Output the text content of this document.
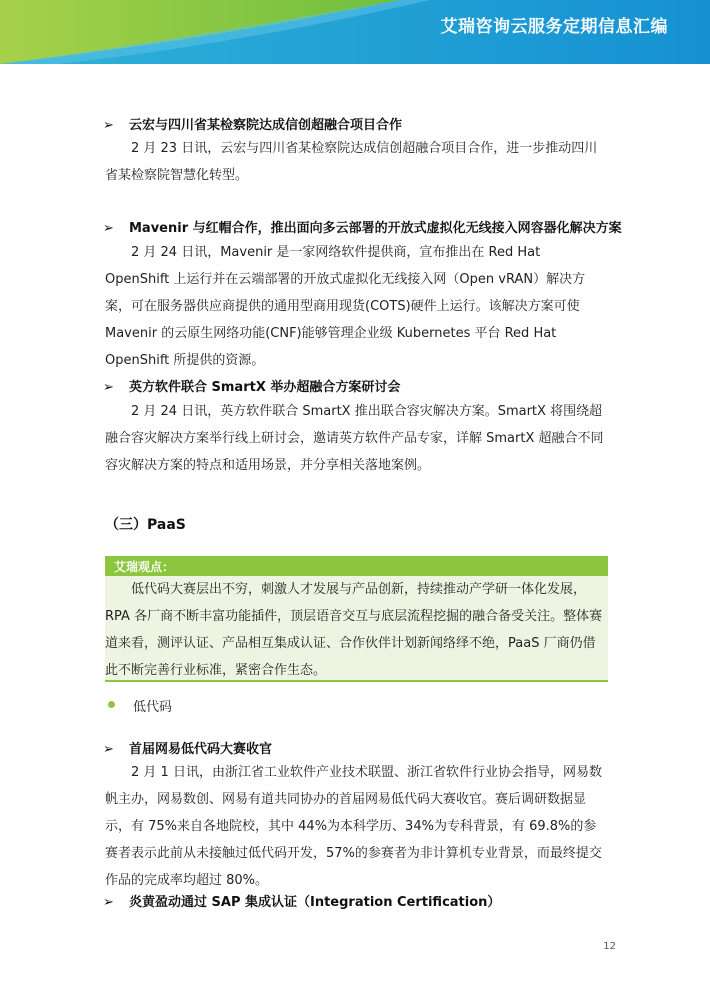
艾瑞咨询云服务定期信息汇编
➢ 云宏与四川省某检察院达成信创超融合项目合作
2 月 23 日讯，云宏与四川省某检察院达成信创超融合项目合作，进一步推动四川省某检察院智慧化转型。
➢ Mavenir 与红帽合作，推出面向多云部署的开放式虚拟化无线接入网容器化解决方案
2 月 24 日讯，Mavenir 是一家网络软件提供商，宣布推出在 Red Hat OpenShift 上运行并在云端部署的开放式虚拟化无线接入网（Open vRAN）解决方案，可在服务器供应商提供的通用型商用现货(COTS)硬件上运行。该解决方案可使 Mavenir 的云原生网络功能(CNF)能够管理企业级 Kubernetes 平台 Red Hat OpenShift 所提供的资源。
➢ 英方软件联合 SmartX 举办超融合方案研讨会
2 月 24 日讯，英方软件联合 SmartX 推出联合容灾解决方案。SmartX 将围绕超融合容灾解决方案举行线上研讨会，邀请英方软件产品专家，详解 SmartX 超融合不同容灾解决方案的特点和适用场景，并分享相关落地案例。
（三）PaaS
艾瑞观点：
低代码大赛层出不穷，刺激人才发展与产品创新，持续推动产学研一体化发展，RPA 各厂商不断丰富功能插件，顶层语音交互与底层流程挖掘的融合备受关注。整体赛道来看，测评认证、产品相互集成认证、合作伙伴计划新闻络绎不绝，PaaS 厂商仍借此不断完善行业标准，紧密合作生态。
低代码
➢ 首届网易低代码大赛收官
2 月 1 日讯，由浙江省工业软件产业技术联盟、浙江省软件行业协会指导，网易数帆主办，网易数创、网易有道共同协办的首届网易低代码大赛收官。赛后调研数据显示，有 75%来自各地院校，其中 44%为本科学历、34%为专科背景，有 69.8%的参赛者表示此前从未接触过低代码开发，57%的参赛者为非计算机专业背景，而最终提交作品的完成率均超过 80%。
➢ 炎黄盈动通过 SAP 集成认证（Integration Certification）
12
